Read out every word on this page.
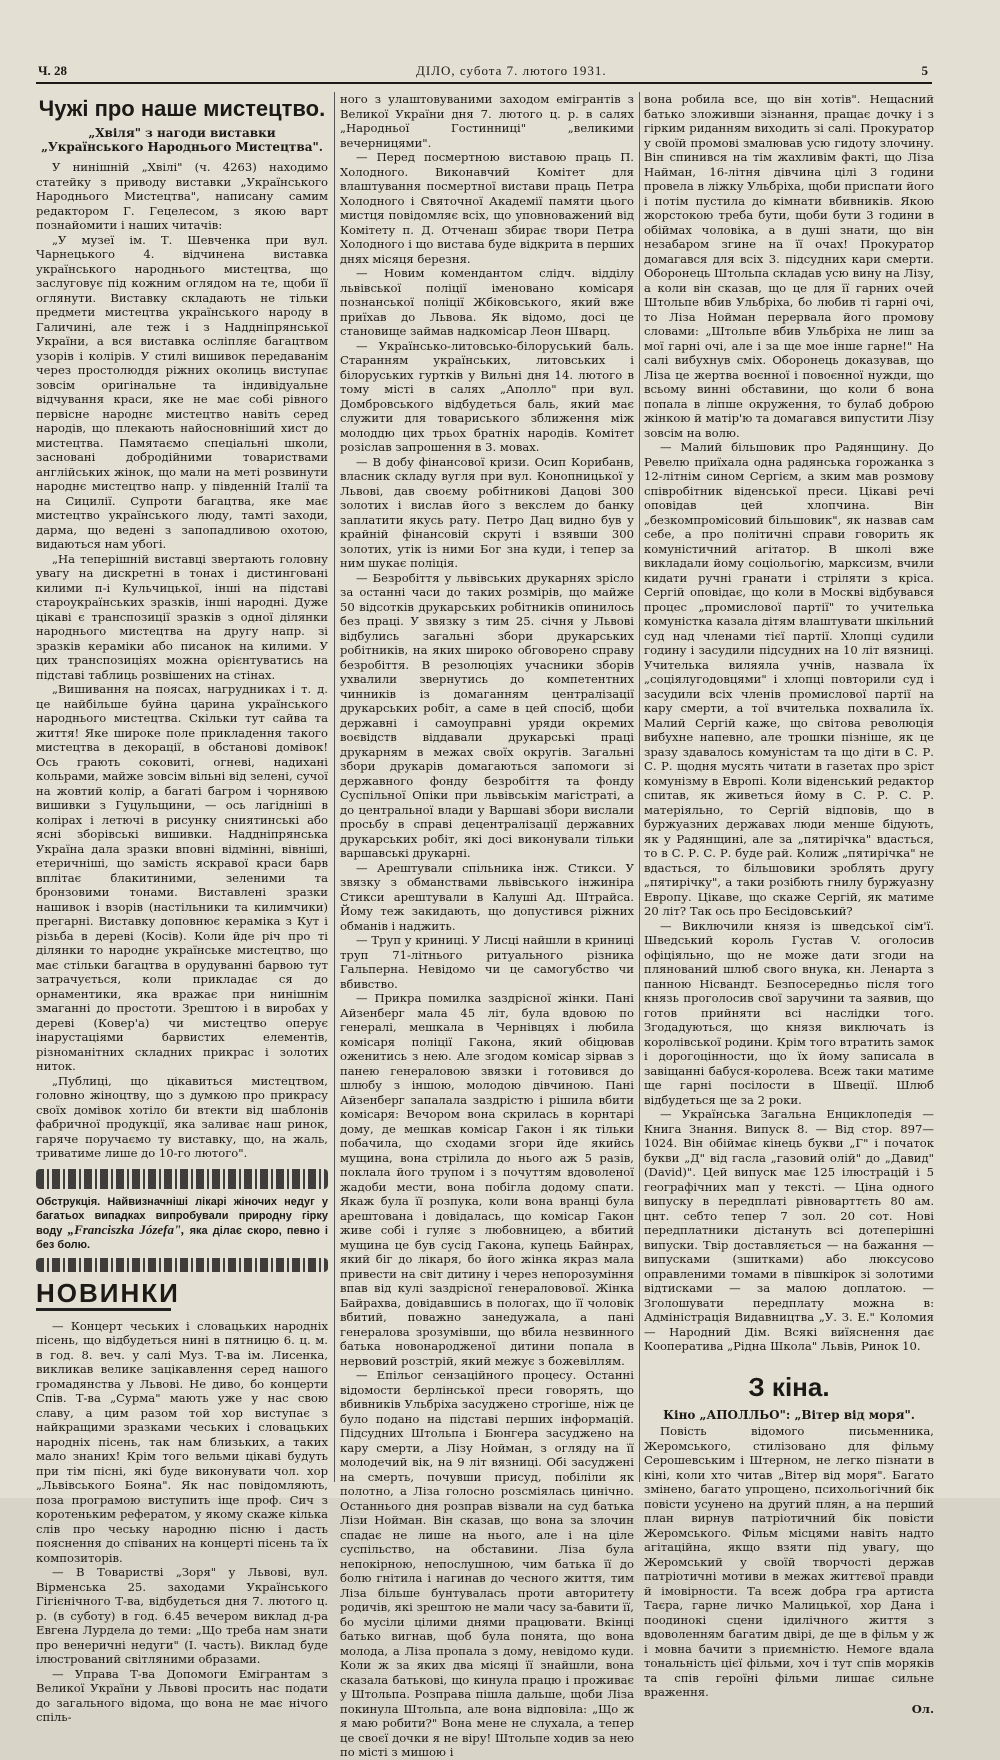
Ч. 28	ДІЛО, субота 7. лютого 1931.	5
Чужі про наше мистецтво.
„Хвіля" з нагоди виставки „Українського Народнього Мистецтва".

У нинішній „Хвілі" (ч. 4263) находимо статейку з приводу виставки „Українського Народнього Мистецтва", написану самим редактором Г. Гецелесом, з якою варт познайомити і наших читачів:

„У музеї ім. Т. Шевченка при вул. Чарнецького 4. відчинена виставка українського народнього мистецтва, що заслуговує під кожним оглядом на те, щоби її оглянути. Виставку складають не тільки предмети мистецтва українського народу в Галичині, але теж і з Наддніпрянської України, а вся виставка осліпляє багацтвом узорів і колірів. У стилі вишивок передаванім через простолюддя ріжних околиць виступає зовсім оригінальне та індивідуальне відчування краси, яке не має собі рівного первісне народнє мистецтво навіть серед народів, що плекають найосновніший хист до мистецтва. Памятаємо спеціальні школи, засновані добродійними товариствами англійських жінок, що мали на меті розвинути народнє мистецтво напр. у південній Італії та на Сицилії. Супроти багацтва, яке має мистецтво українського люду, тамті заходи, дарма, що ведені з запопадливою охотою, видаються нам убогі.

„На теперішній виставці звертають головну увагу на дискретні в тонах і дистинговані килими п-і Кульчицької, інші на підставі староукраїнських зразків, інші народні. Дуже цікаві є транспозиції зразків з одної ділянки народнього мистецтва на другу напр. зі зразків кераміки або писанок на килими. У цих транспозиціях можна орієнтуватись на підставі таблиць розвішених на стінах.

„Вишивання на поясах, нагрудниках і т. д. це найбільше буйна царина українського народнього мистецтва. Скільки тут сайва та життя! Яке широке поле прикладення такого мистецтва в декорації, в обстанові домівок! Ось грають соковиті, огневі, надихані кольрами, майже зовсім вільні від зелені, сучої на жовтий колір, а багаті багром і чорнявою вишивки з Гуцульщини, — ось лагідніші в колірах і летючі в рисунку сниятинські або ясні зборівські вишивки. Наддніпрянська Україна дала зразки вповні відмінні, вівніші, етеричніші, що замість яскравої краси барв вплітає блакитиними, зеленими та бронзовими тонами. Виставлені зразки нашивок і взорів (настільники та килимчики) прегарні. Виставку доповнює кераміка з Кут і різьба в дереві (Косів). Коли йде річ про ті ділянки то народнє українське мистецтво, що має стільки багацтва в орудуванні барвою тут затрачується, коли прикладає ся до орнаментики, яка вражає при нинішнім змаганні до простоти. Зрештою і в виробах у дереві (Ковер'а) чи мистецтво оперує інарустаціями барвистих елементів, різноманітних складних прикрас і золотих ниток.

„Публиці, що цікавиться мистецтвом, головно жіноцтву, що з думкою про прикрасу своїх домівок хотіло би втекти від шаблонів фабричної продукції, яка заливає наш ринок, гаряче поручаємо ту виставку, що, на жаль, триватиме лише до 10-го лютого".

Обструкція. Найвизначніші лікарі жіночих недуг у багатьох випадках випробували природну гірку воду „Franciszka Józefa", яка ділає скоро, певно і без болю.

НОВИНКИ

— Концерт чеських і словацьких народніх пісень, що відбудеться нині в пятницю 6. ц. м. в год. 8. веч. у салі Муз. Т-ва ім. Лисенка, викликав велике зацікавлення серед нашого громадянства у Львові. Не диво, бо концерти Спів. Т-ва „Сурма" мають уже у нас свою славу, а цим разом той хор виступає з найкращими зразками чеських і словацьких народніх пісень, так нам близьких, а таких мало знаних! Крім того вельми цікаві будуть при тім пісні, які буде виконувати чол. хор „Львівського Бояна". Як нас повідомляють, поза програмою виступить іще проф. Сич з коротеньким рефератом, у якому скаже кілька слів про чеську народню пісню і дасть пояснення до співаних на концерті пісень та їх композиторів.

— В Товаристві „Зоря" у Львові, вул. Вірменська 25. заходами Українського Гігієнічного Т-ва, відбудеться дня 7. лютого ц. р. (в суботу) в год. 6.45 вечером виклад д-ра Евгена Лурдела до теми: „Що треба нам знати про венеричні недуги" (І. часть). Виклад буде ілюстрований світляними образами.

— Управа Т-ва Допомоги Емігрантам з Великої України у Львові просить нас подати до загального відома, що вона не має нічого спіль-

ного з улаштовуваними заходом емігрантів з Великої України дня 7. лютого ц. р. в салях „Народньої Гостинниці" „великими вечерницями".

— Перед посмертною виставою праць П. Холодного. Виконавчий Комітет для влаштування посмертної вистави праць Петра Холодного і Святочної Академії памяти цього мистця повідомляє всіх, що уповноважений від Комітету п. Д. Отченаш збирає твори Петра Холодного і що вистава буде відкрита в перших днях місяця березня.

— Новим комендантом слідч. відділу львівської поліції іменовано комісаря познанської поліції Жбіковського, який вже приїхав до Львова. Як відомо, досі це становище займав надкомісар Леон Шварц.

— Українсько-литовсько-білоруський баль. Старанням українських, литовських і білоруських гуртків у Вильні дня 14. лютого в тому місті в салях „Аполло" при вул. Домбровського відбудеться баль, який має служити для товариського зближення між молоддю цих трьох братніх народів. Комітет розіслав запрошення в 3. мовах.

— В добу фінансової кризи. Осип Корибанв, власник складу вугля при вул. Конопницької у Львові, дав своєму робітникові Дацові 300 золотих і вислав його з векслем до банку заплатити якусь рату. Петро Дац видно був у крайній фінансовій скруті і взявши 300 золотих, утік із ними Бог зна куди, і тепер за ним шукає поліція.

— Безробіття у львівських друкарнях зрісло за останні часи до таких розмірів, що майже 50 відсотків друкарських робітників опинилось без праці. У звязку з тим 25. січня у Львові відбулись загальні збори друкарських робітників, на яких широко обговорено справу безробіття. В резолюціях учасники зборів ухвалили звернутись до компетентних чинників із домаганням централізації друкарських робіт, а саме в цей спосіб, щоби державні і самоуправні уряди окремих воєвідств віддавали друкарські праці друкарням в межах своїх округів. Загальні збори друкарів домагаються запомоги зі державного фонду безробіття та фонду Суспільної Опіки при львівськім магістраті, а до центральної влади у Варшаві збори вислали просьбу в справі децентралізації державних друкарських робіт, які досі виконували тільки варшавські друкарні.

— Арештували спільника інж. Стикси. У звязку з обманствами львівського інжиніра Стикси арештували в Калуші Ад. Штрайса. Йому теж закидають, що допустився ріжних обманів і наджить.

— Труп у криниці. У Лисці найшли в криниці труп 71-літнього ритуального різника Гальперна. Невідомо чи це самогубство чи вбивство.

— Прикра помилка заздрісної жінки. Пані Айзенберг мала 45 літ, була вдовою по генералі, мешкала в Чернівцях і любила комісаря поліції Гакона, який обіцював оженитись з нею. Але згодом комісар зірвав з панею генераловою звязки і готовився до шлюбу з іншою, молодою дівчиною. Пані Айзенберг запалала заздрістю і рішила вбити комісаря: Вечором вона скрилась в корнтарі дому, де мешкав комісар Гакон і як тільки побачила, що сходами згори йде якийсь мущина, вона стрілила до нього aж 5 разів, поклала його трупом і з почуттям вдоволеної жадоби мести, вона побігла додому спати. Якаж була її розпука, коли вона вранці була арештована і довідалась, що комісар Гакон живе собі і гуляє з любовницею, а вбитий мущина це був сусід Гакона, купець Байнрах, який біг до лікаря, бо його жінка якраз мала привести на світ дитину і через непорозуміння впав від кулі заздрісної генераловової. Жінка Байрахва, довідавшись в пологах, що її чоловік вбитий, поважно занедужала, а пані генералова зрозумівши, що вбила незвинного батька новонародженої дитини попала в нервовий розстрій, який межує з божевіллям.

— Епільог сензаційного процесу. Останні відомости берлінської преси говорять, що вбивників Ульбріха засуджено строгіше, ніж це було подано на підставі перших інформацій. Підсудних Штольпа і Бюнгера засуджено на кару смерти, а Лізу Нойман, з огляду на її молодечий вік, на 9 літ вязниці. Обі засуджені на смерть, почувши присуд, побіліли як полотно, а Ліза голосно розсміялась цинічно. Останнього дня розправ візвали на суд батька Лізи Нойман. Він сказав, що вона за злочин спадає не лише на нього, але і на ціле суспільство, на обставини. Ліза була непокірною, непослушною, чим батька її до болю гнітила і нагинав до чесного життя, тим Ліза більше бунтувалась проти авторитету родичів, які зрештою не мали часу за-бавити її, бо мусіли цілими днями працювати. Вкінці батько вигнав, щоб була понята, що вона молода, а Ліза пропала з дому, невідомо куди. Коли ж за яких два місяці її знайшли, вона сказала батькові, що кинула працю і проживає у Штольпа. Розправа пішла дальше, щоби Ліза покинула Штольпа, але вона відповіла: „Що ж я маю робити?" Вона мене не слухала, а тепер це своєї дочки я не віру! Штольпе ходив за нею по місті з мишою і

вона робила все, що він хотів". Нещасний батько зложивши зізнання, пращає дочку і з гірким риданням виходить зі салі. Прокуратор у своїй промові змалював усю гидоту злочину. Він спинився на тім жахливім факті, що Ліза Найман, 16-літня дівчина цілі 3 години провела в ліжку Ульбріха, щоби приспати його і потім пустила до кімнати вбивників. Якою жорстокою треба бути, щоби бути 3 години в обіймах чоловіка, а в душі знати, що він незабаром згине на її очах! Прокуратор домагався для всіх 3. підсудних кари смерти. Оборонець Штольпа складав усю вину на Лізу, а коли він сказав, що це для її гарних очей Штольпе вбив Ульбріха, бо любив ті гарні очі, то Ліза Нойман перервала його промову словами: „Штольпе вбив Ульбріха не лиш за мої гарні очі, але і за ще мое інше гарне!" На салі вибухнув сміх. Оборонець доказував, що Ліза це жертва воєнної і повоєнної нужди, що всьому винні обставини, що коли б вона попала в ліпше окруження, то булаб доброю жінкою й матір'ю та домагався випустити Лізу зовсім на волю.

— Малий більшовик про Радянщину. До Ревелю приїхала одна радянська горожанка з 12-літнім сином Сергієм, а зким мав розмову співробітник віденської преси. Цікаві речі оповідав цей хлопчина. Він „безкомпромісовий більшовик", як назвав сам себе, а про політичні справи говорить як комуністичний агітатор. В школі вже викладали йому соціольогію, марксизм, вчили кидати ручні гранати і стріляти з кріса. Сергій оповідає, що коли в Москві відбувався процес „промисловoї партії" то учителька комуністка казала дітям влаштувати шкільний суд над членами тієї партії. Хлопці судили годину і засудили підсудних на 10 літ вязниці. Учителька виляяла учнів, назвала їх „соціялугодовцями" і хлопці повторили суд і засудили всіх членів промислової партії на кару смерти, а тої вчителька похвалила їх. Малий Сергій каже, що світова революція вибухне напевно, але трошки пізніше, як це зразу здавалось комуністам та що діти в С. Р. С. Р. щодня мусять читати в газетах про зріст комунізму в Европі. Коли віденський редактор спитав, як живеться йому в С. Р. С. Р. матеріяльно, то Сергій відповів, що в буржуазних державах люди менше бідують, як у Радянщині, але за „пятирічка" вдасться, то в С. Р. С. Р. буде рай. Колиж „пятирічка" не вдасться, то більшовики зроблять другу „пятирічку", а таки розібють гнилу буржуазну Европу. Цікаве, що скаже Сергій, як матиме 20 літ? Так ось про Бесідовський?

— Виключили князя із шведської сім'ї. Шведський король Густав V. оголосив офіціяльно, що не може дати згоди на плянований шлюб свого внука, кн. Ленарта з панною Нісвандт. Безпосередньо після того князь проголосив свої заручини та заявив, що готов прийняти всі наслідки того. Згодадуються, що князя виключать із королівської родини. Крім того втратить замок і дорогоцінности, що їх йому записала в завіщанні бабуся-королева. Всеж таки матиме ще гарні посілости в Швеції. Шлюб відбудеться ще за 2 роки.

— Українська Загальна Енциклопедія — Книга Знання. Випуск 8. — Від стор. 897—1024. Він обіймає кінець букви „Г" і початок букви „Д" від гасла „газовий олій" до „Давид" (David)". Цей випуск має 125 ілюстрацій і 5 географічних мап у тексті. — Ціна одного випуску в передплаті рівноварттєть 80 ам. цнт. себто тепер 7 зол. 20 сот. Нові передплатники дістануть всі дотеперішні випуски. Твір доставляється — на бажання — випусками (зшитками) або люксусово оправленими томами в півшкірок зі золотими відтисками — за малою доплатою. — Зголошувати передплату можна в: Адміністрація Видавництва „У. З. Е." Коломия — Народний Дім. Всякі виїяснення дає Кооператива „Рідна Школа" Львів, Ринок 10.

З кіна.

Кіно „АПОЛЛЬО": „Вітер від моря".

Повість відомого письменника, Жеромського, стилізовано для фільму Серошевським і Штерном, не легко пізнати в кіні, коли хто читав „Вітер від моря". Багато змінено, багато упрощено, психольогічний бік повісти усунено на другий плян, а на перший план вирнув патріотичний бік повісти Жеромського. Фільм місцями навіть надто агітаційна, якщо взяти під увагу, що Жеромський у своїй творчості держав патріотичні мотиви в межах життєвої правди й імовірности. Та всеж добра гра артиста Таєра, гарне личко Малицької, хор Дана і поодинокі сцени ідилічного життя з вдоволенням багатим двірі, де ще в фільм у ж і мовна бачити з приємністю. Немогe вдала тональність цієї фільми, хоч і тут спів моряків та спів героїні фільми лишає сильне враження.

Ол.
